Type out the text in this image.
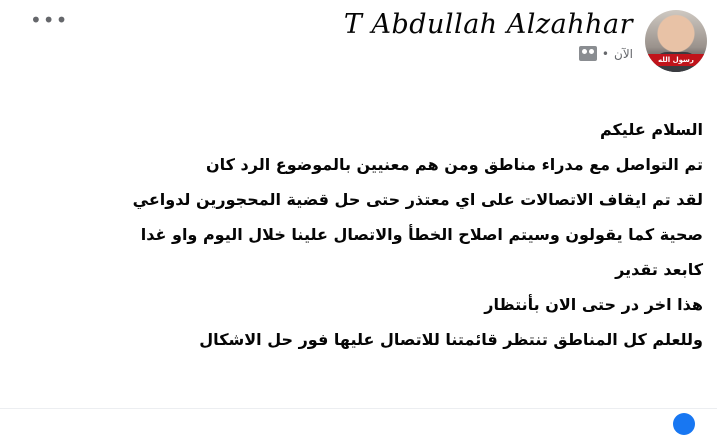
•••
رسول الله
T Abdullah Alzahhar
• الآن

السلام عليكم

تم التواصل مع مدراء مناطق ومن هم معنيين بالموضوع الرد كان

لقد تم ايقاف الاتصالات على اي معتذر حتى حل قضية المحجورين لدواعي

صحية كما يقولون وسيتم اصلاح الخطأ والاتصال علينا خلال اليوم واو غدا

كابعد تقدير

هذا اخر در حتى الان بأنتظار

وللعلم كل المناطق تنتظر قائمتنا للاتصال عليها فور حل الاشكال
